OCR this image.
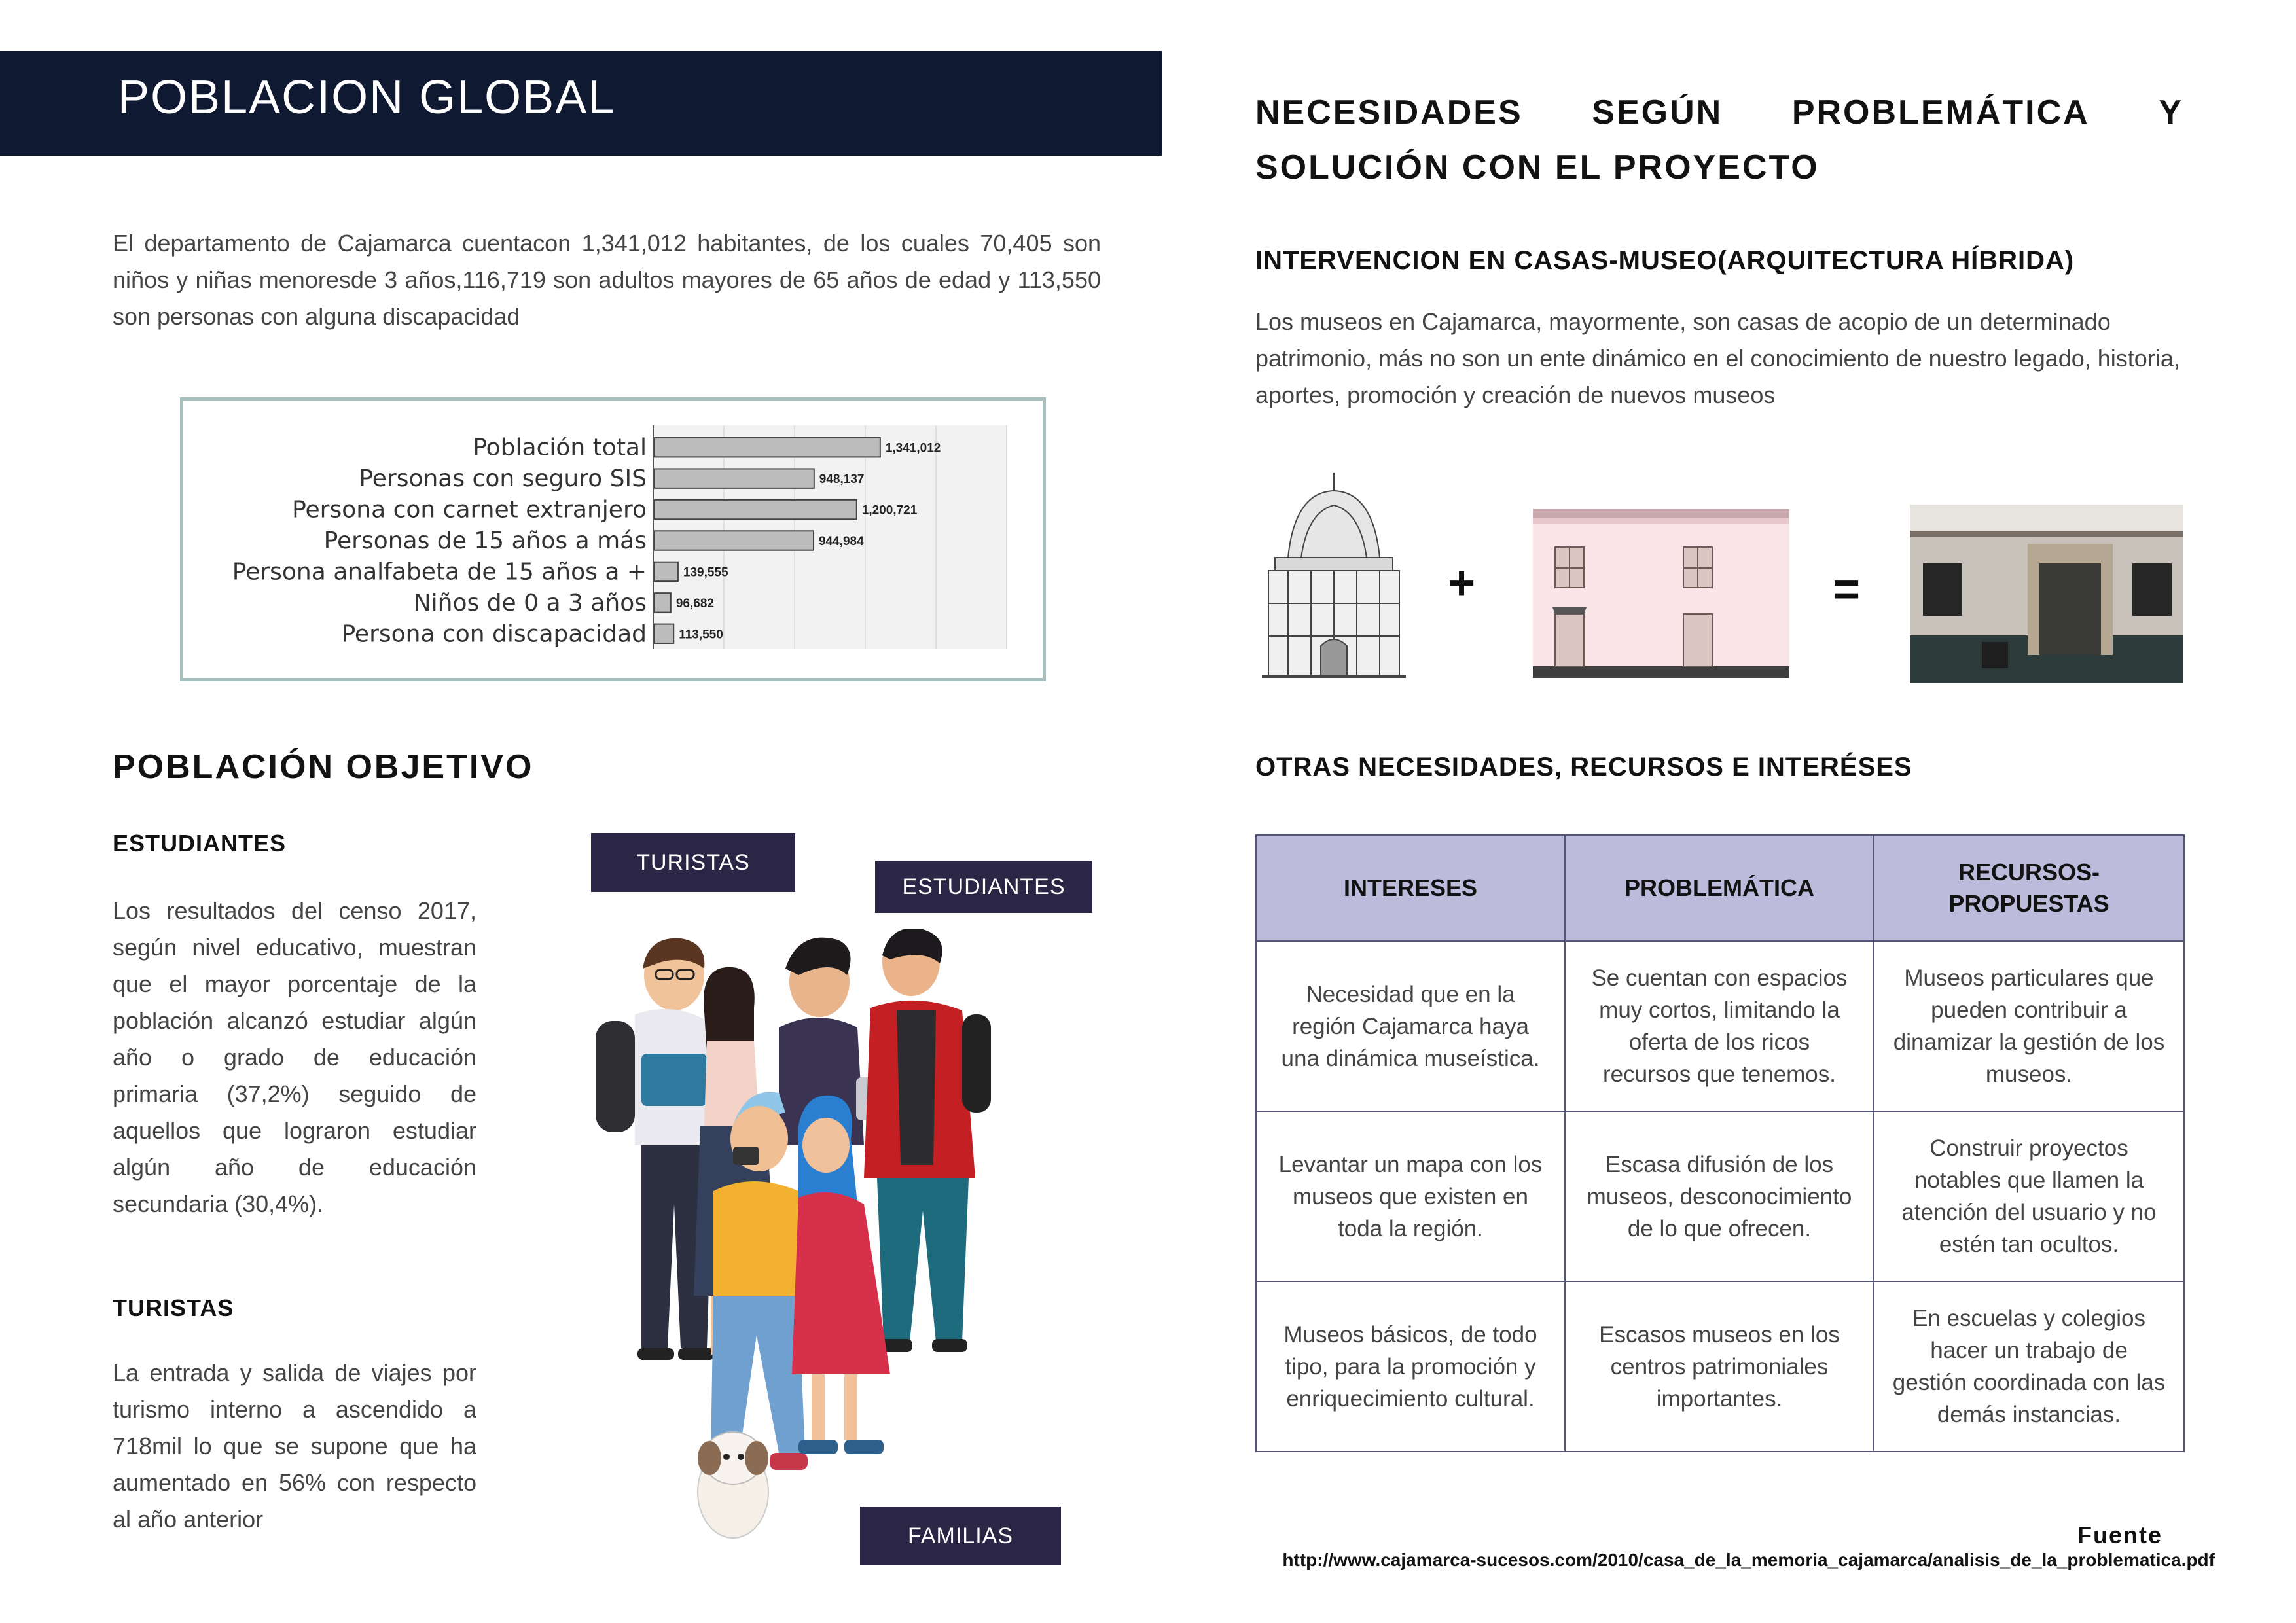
POBLACION GLOBAL
El departamento de Cajamarca cuentacon 1,341,012 habitantes, de los cuales 70,405 son niños y niñas menoresde 3 años,116,719 son adultos mayores de 65 años de edad y 113,550 son personas con alguna discapacidad
Población total	1,341,012
Personas con seguro SIS	948,137
Persona con carnet extranjero	1,200,721
Personas de 15 años a más	944,984
Persona analfabeta de 15 años a +	139,555
Niños de 0 a 3 años 96,682
Persona con discapacidad	113,550
POBLACIÓN OBJETIVO
ESTUDIANTES
Los resultados del censo 2017, según nivel educativo, muestran que el mayor porcentaje de la población alcanzó estudiar algún año o grado de educación primaria (37,2%) seguido de aquellos que lograron estudiar algún año de educación secundaria (30,4%).
TURISTAS
La entrada y salida de viajes por turismo interno a ascendido a 718mil lo que se supone que ha aumentado en 56% con respecto al año anterior
TURISTAS
ESTUDIANTES
FAMILIAS
NECESIDADES SEGÚN PROBLEMÁTICA Y
SOLUCIÓN CON EL PROYECTO
INTERVENCION EN CASAS-MUSEO(ARQUITECTURA HÍBRIDA)
Los museos en Cajamarca, mayormente, son casas de acopio de un determinado patrimonio, más no son un ente dinámico en el conocimiento de nuestro legado, historia, aportes, promoción y creación de nuevos museos
+	=
OTRAS NECESIDADES, RECURSOS E INTERÉSES
INTERESES	PROBLEMÁTICA	RECURSOS-
PROPUESTAS
Necesidad que en la región Cajamarca haya una dinámica museística.	Se cuentan con espacios muy cortos, limitando la oferta de los ricos recursos que tenemos.	Museos particulares que pueden contribuir a dinamizar la gestión de los museos.
Levantar un mapa con los museos que existen en toda la región.	Escasa difusión de los museos, desconocimiento de lo que ofrecen.	Construir proyectos notables que llamen la atención del usuario y no estén tan ocultos.
Museos básicos, de todo tipo, para la promoción y enriquecimiento cultural.	Escasos museos en los centros patrimoniales importantes.	En escuelas y colegios hacer un trabajo de gestión coordinada con las demás instancias.
Fuente
http://www.cajamarca-sucesos.com/2010/casa_de_la_memoria_cajamarca/analisis_de_la_problematica.pdf
